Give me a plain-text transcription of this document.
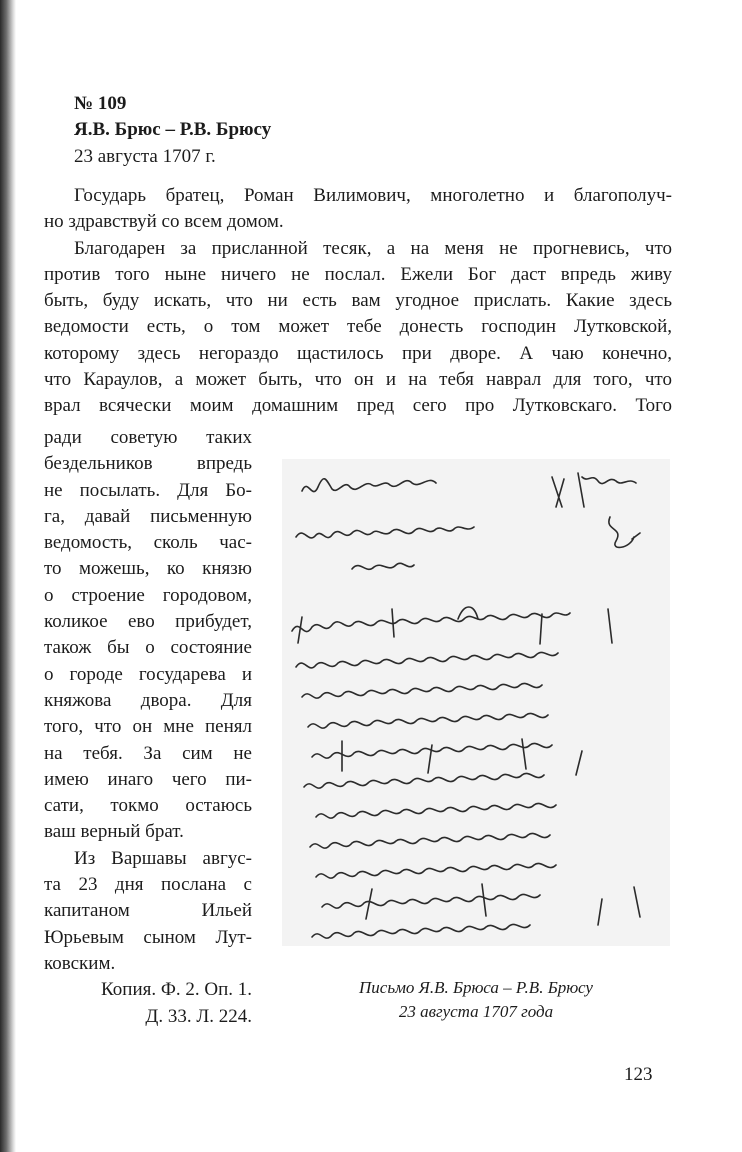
№ 109
Я.В. Брюс – Р.В. Брюсу
23 августа 1707 г.
Государь братец, Роман Вилимович, многолетно и благополуч-
но здравствуй со всем домом.
Благодарен за присланной тесяк, а на меня не прогневись, что
против того ныне ничего не послал. Ежели Бог даст впредь живу
быть, буду искать, что ни есть вам угодное прислать. Какие здесь
ведомости есть, о том может тебе донесть господин Лутковской,
которому здесь негораздо щастилось при дворе. А чаю конечно,
что Караулов, а может быть, что он и на тебя наврал для того, что
врал всячески моим домашним пред сего про Лутковскаго. Того
ради советую таких
бездельников впредь
не посылать. Для Бо-
га, давай письменную
ведомость, сколь час-
то можешь, ко князю
о строение городовом,
коликое ево прибудет,
також бы о состояние
о городе государева и
княжова двора. Для
того, что он мне пенял
на тебя. За сим не
имею инаго чего пи-
сати, токмо остаюсь
ваш верный брат.
Из Варшавы авгус-
та 23 дня послана с
капитаном Ильей
Юрьевым сыном Лут-
ковским.
Копия. Ф. 2. Оп. 1.
Д. 33. Л. 224.
Письмо Я.В. Брюса – Р.В. Брюсу
23 августа 1707 года
123
